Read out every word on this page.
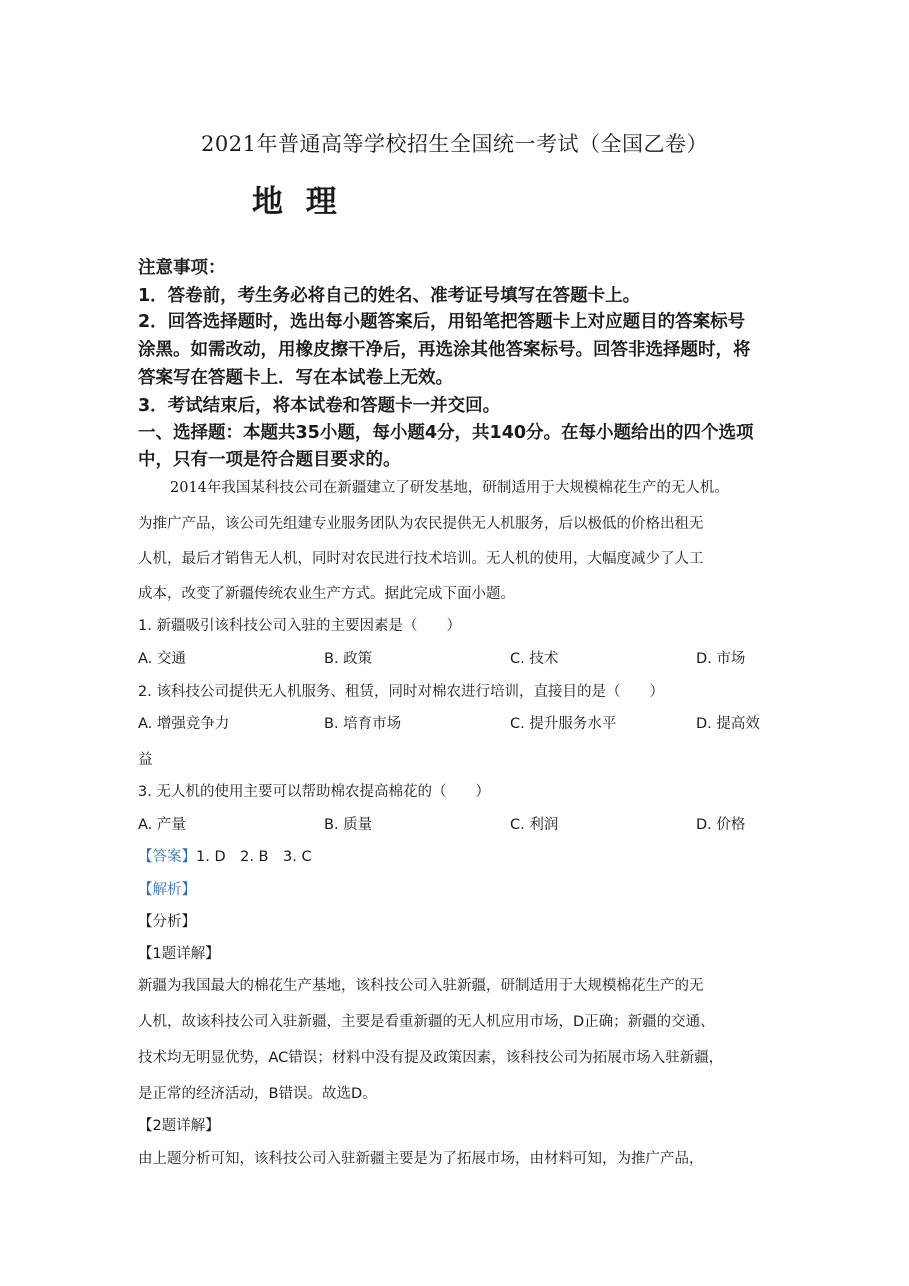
2021年普通高等学校招生全国统一考试（全国乙卷）
地 理
注意事项：
1．答卷前，考生务必将自己的姓名、准考证号填写在答题卡上。
2．回答选择题时，选出每小题答案后，用铅笔把答题卡上对应题目的答案标号
涂黑。如需改动，用橡皮擦干净后，再选涂其他答案标号。回答非选择题时，将
答案写在答题卡上．写在本试卷上无效。
3．考试结束后，将本试卷和答题卡一并交回。
一、选择题：本题共35小题，每小题4分，共140分。在每小题给出的四个选项
中，只有一项是符合题目要求的。
2014年我国某科技公司在新疆建立了研发基地，研制适用于大规模棉花生产的无人机。
为推广产品，该公司先组建专业服务团队为农民提供无人机服务，后以极低的价格出租无
人机，最后才销售无人机，同时对农民进行技术培训。无人机的使用，大幅度减少了人工
成本，改变了新疆传统农业生产方式。据此完成下面小题。
1. 新疆吸引该科技公司入驻的主要因素是（　　）
A. 交通	B. 政策	C. 技术	D. 市场
2. 该科技公司提供无人机服务、租赁，同时对棉农进行培训，直接目的是（　　）
A. 增强竞争力	B. 培育市场	C. 提升服务水平	D. 提高效
益
3. 无人机的使用主要可以帮助棉农提高棉花的（　　）
A. 产量	B. 质量	C. 利润	D. 价格
【答案】1. D　2. B　3. C
【解析】
【分析】
【1题详解】
新疆为我国最大的棉花生产基地，该科技公司入驻新疆，研制适用于大规模棉花生产的无
人机，故该科技公司入驻新疆，主要是看重新疆的无人机应用市场，D正确；新疆的交通、
技术均无明显优势，AC错误；材料中没有提及政策因素，该科技公司为拓展市场入驻新疆，
是正常的经济活动，B错误。故选D。
【2题详解】
由上题分析可知，该科技公司入驻新疆主要是为了拓展市场，由材料可知，为推广产品，
